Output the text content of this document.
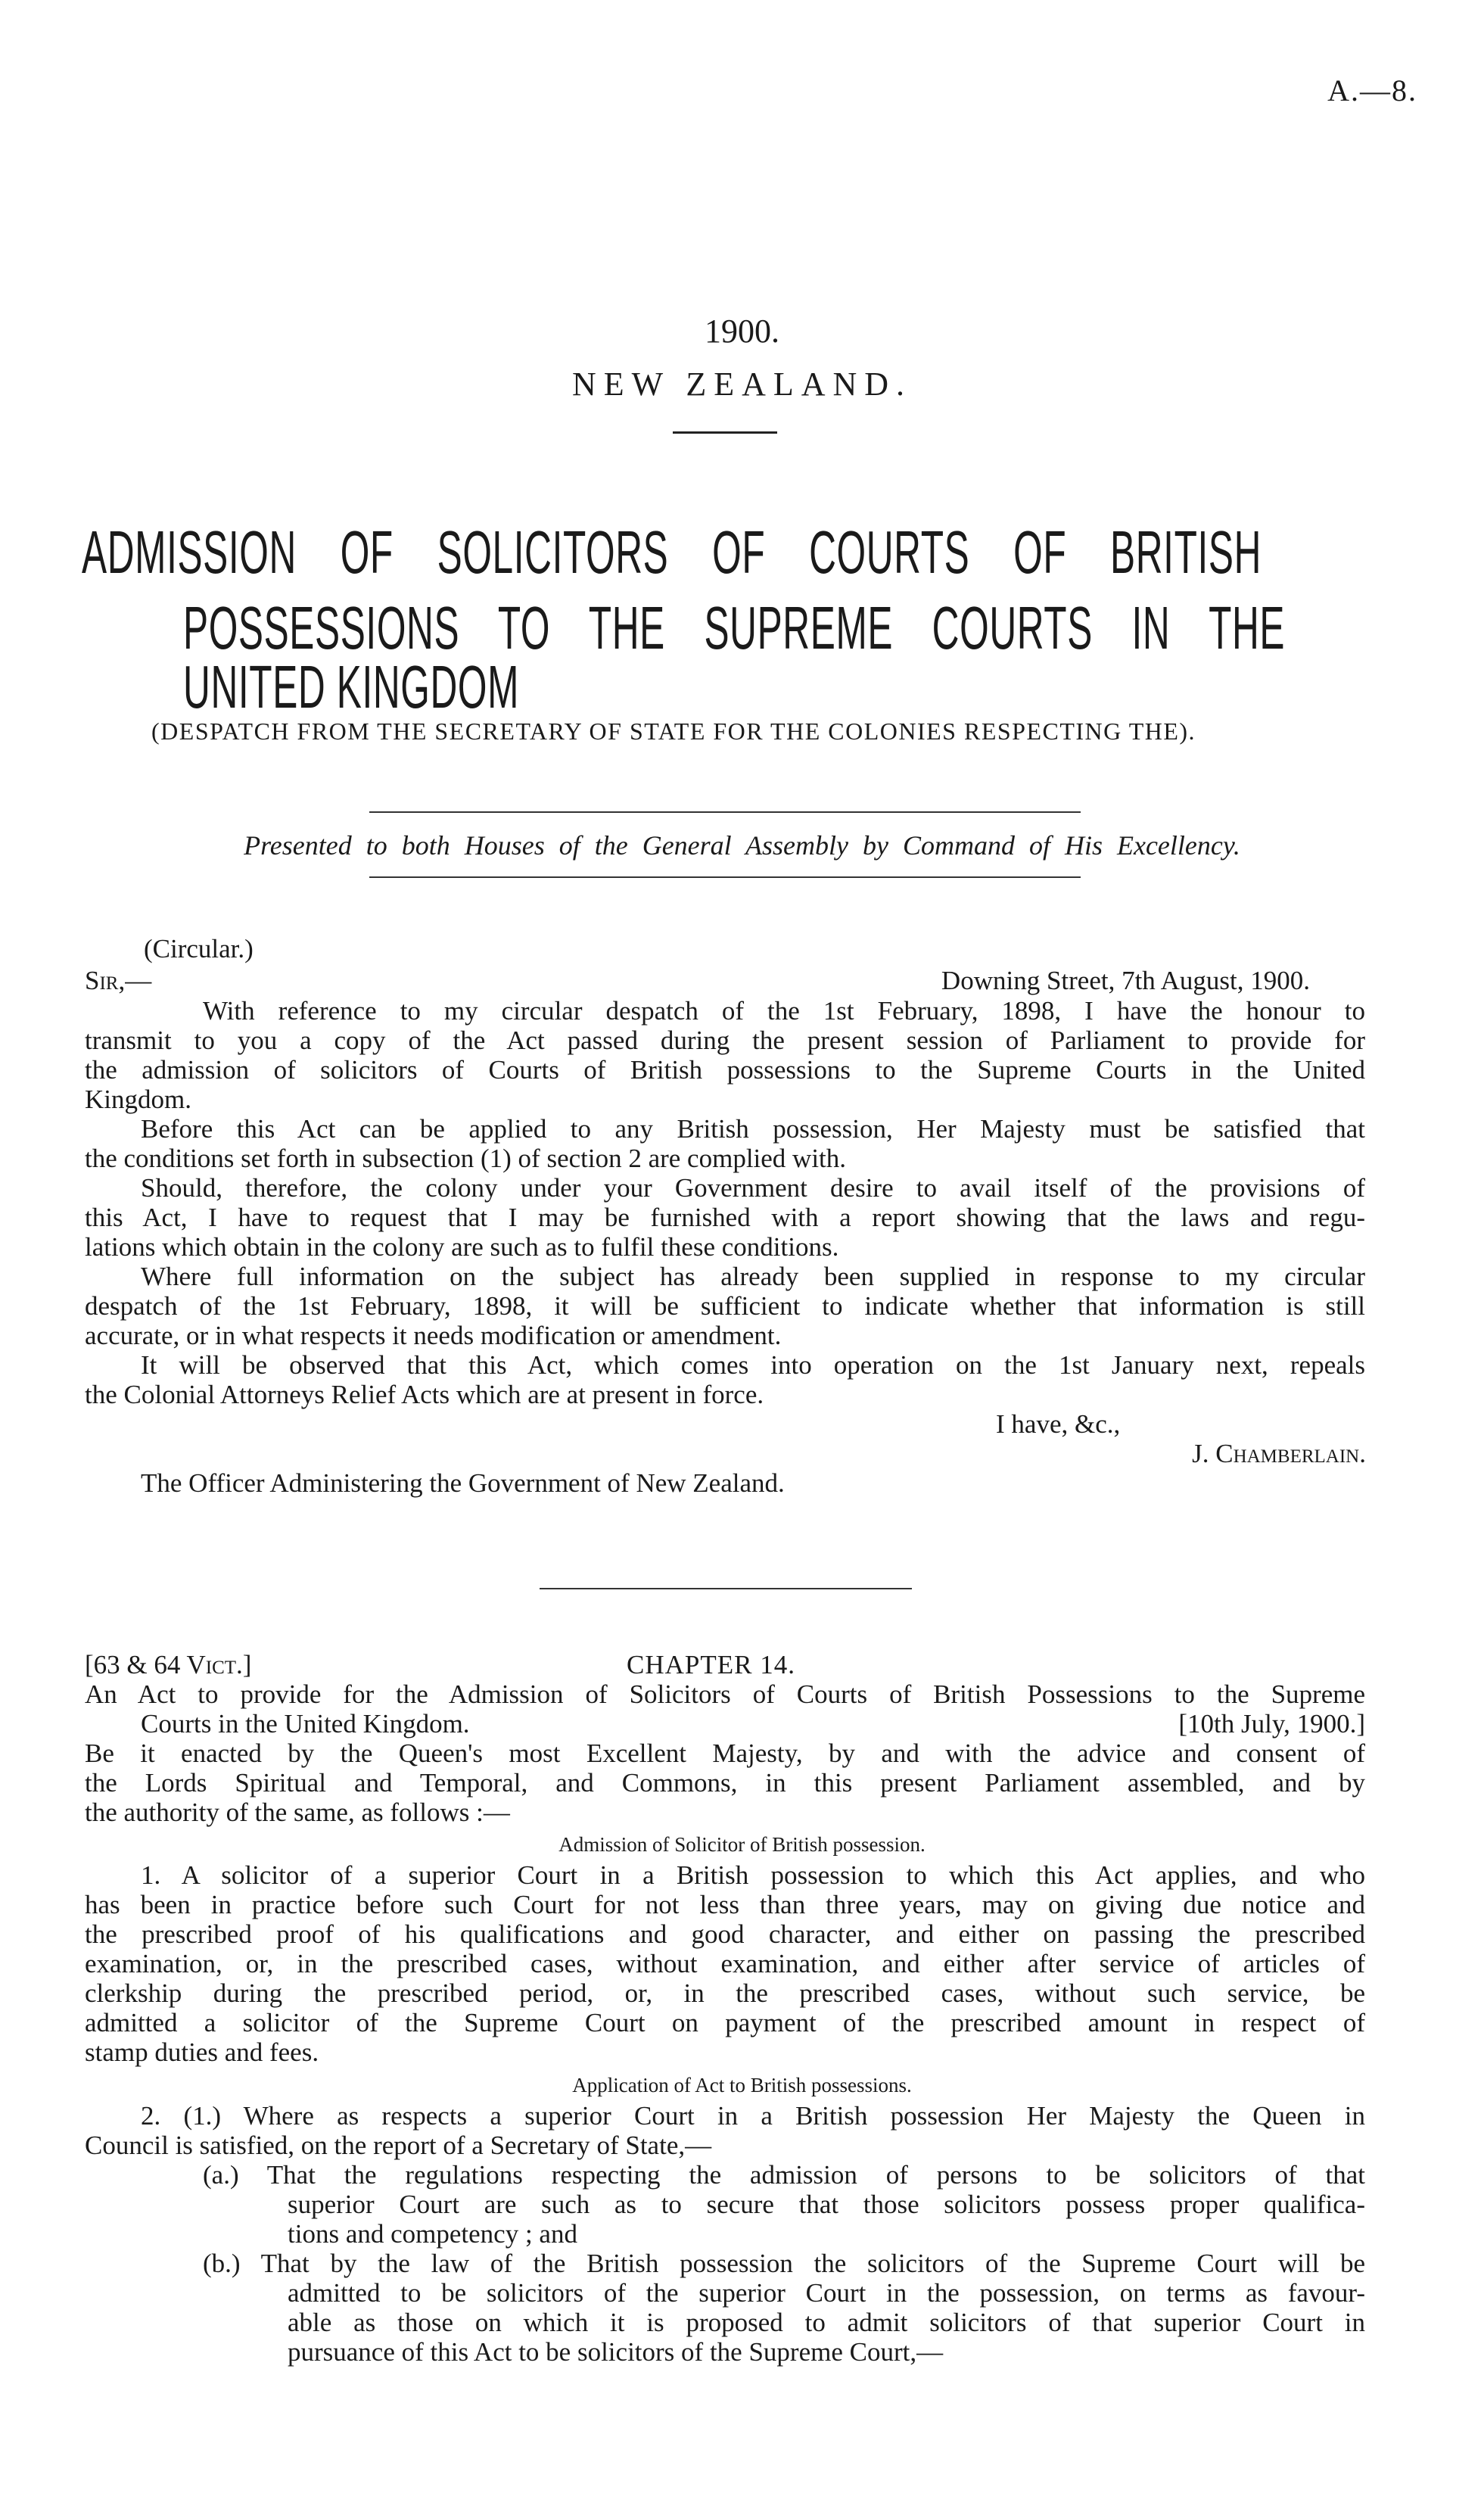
A.—8.
1900.
NEW ZEALAND.
ADMISSION OF SOLICITORS OF COURTS OF BRITISH
POSSESSIONS TO THE SUPREME COURTS IN THE
UNITED KINGDOM
(DESPATCH FROM THE SECRETARY OF STATE FOR THE COLONIES RESPECTING THE).
Presented to both Houses of the General Assembly by Command of His Excellency.
(Circular.)
Sir,—	Downing Street, 7th August, 1900.
With reference to my circular despatch of the 1st February, 1898, I have the honour to
transmit to you a copy of the Act passed during the present session of Parliament to provide for
the admission of solicitors of Courts of British possessions to the Supreme Courts in the United
Kingdom.
Before this Act can be applied to any British possession, Her Majesty must be satisfied that
the conditions set forth in subsection (1) of section 2 are complied with.
Should, therefore, the colony under your Government desire to avail itself of the provisions of
this Act, I have to request that I may be furnished with a report showing that the laws and regu-
lations which obtain in the colony are such as to fulfil these conditions.
Where full information on the subject has already been supplied in response to my circular
despatch of the 1st February, 1898, it will be sufficient to indicate whether that information is still
accurate, or in what respects it needs modification or amendment.
It will be observed that this Act, which comes into operation on the 1st January next, repeals
the Colonial Attorneys Relief Acts which are at present in force.
I have, &c.,
J. Chamberlain.
The Officer Administering the Government of New Zealand.
[63 & 64 Vict.]	CHAPTER 14.
An Act to provide for the Admission of Solicitors of Courts of British Possessions to the Supreme
Courts in the United Kingdom.	[10th July, 1900.]
Be it enacted by the Queen's most Excellent Majesty, by and with the advice and consent of
the Lords Spiritual and Temporal, and Commons, in this present Parliament assembled, and by
the authority of the same, as follows :—
Admission of Solicitor of British possession.
1. A solicitor of a superior Court in a British possession to which this Act applies, and who
has been in practice before such Court for not less than three years, may on giving due notice and
the prescribed proof of his qualifications and good character, and either on passing the prescribed
examination, or, in the prescribed cases, without examination, and either after service of articles of
clerkship during the prescribed period, or, in the prescribed cases, without such service, be
admitted a solicitor of the Supreme Court on payment of the prescribed amount in respect of
stamp duties and fees.
Application of Act to British possessions.
2. (1.) Where as respects a superior Court in a British possession Her Majesty the Queen in
Council is satisfied, on the report of a Secretary of State,—
(a.) That the regulations respecting the admission of persons to be solicitors of that
superior Court are such as to secure that those solicitors possess proper qualifica-
tions and competency ; and
(b.) That by the law of the British possession the solicitors of the Supreme Court will be
admitted to be solicitors of the superior Court in the possession, on terms as favour-
able as those on which it is proposed to admit solicitors of that superior Court in
pursuance of this Act to be solicitors of the Supreme Court,—
